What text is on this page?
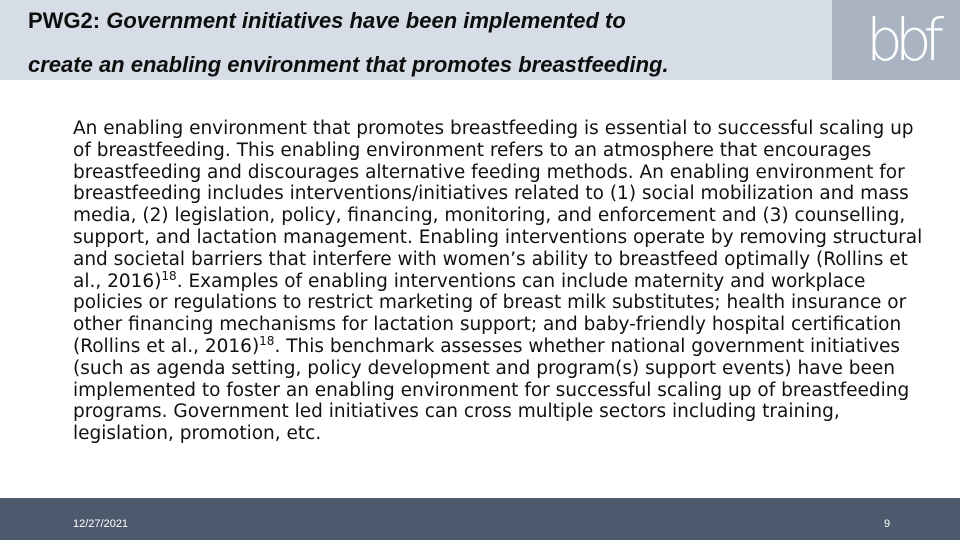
PWG2: Government initiatives have been implemented to
create an enabling environment that promotes breastfeeding.	bbf

An enabling environment that promotes breastfeeding is essential to successful scaling up of breastfeeding. This enabling environment refers to an atmosphere that encourages breastfeeding and discourages alternative feeding methods. An enabling environment for breastfeeding includes interventions/initiatives related to (1) social mobilization and mass media, (2) legislation, policy, financing, monitoring, and enforcement and (3) counselling, support, and lactation management. Enabling interventions operate by removing structural and societal barriers that interfere with women’s ability to breastfeed optimally (Rollins et al., 2016)$^{18}$. Examples of enabling interventions can include maternity and workplace policies or regulations to restrict marketing of breast milk substitutes; health insurance or other financing mechanisms for lactation support; and baby-friendly hospital certification (Rollins et al., 2016)$^{18}$. This benchmark assesses whether national government initiatives (such as agenda setting, policy development and program(s) support events) have been implemented to foster an enabling environment for successful scaling up of breastfeeding programs. Government led initiatives can cross multiple sectors including training, legislation, promotion, etc.

12/27/2021	9
